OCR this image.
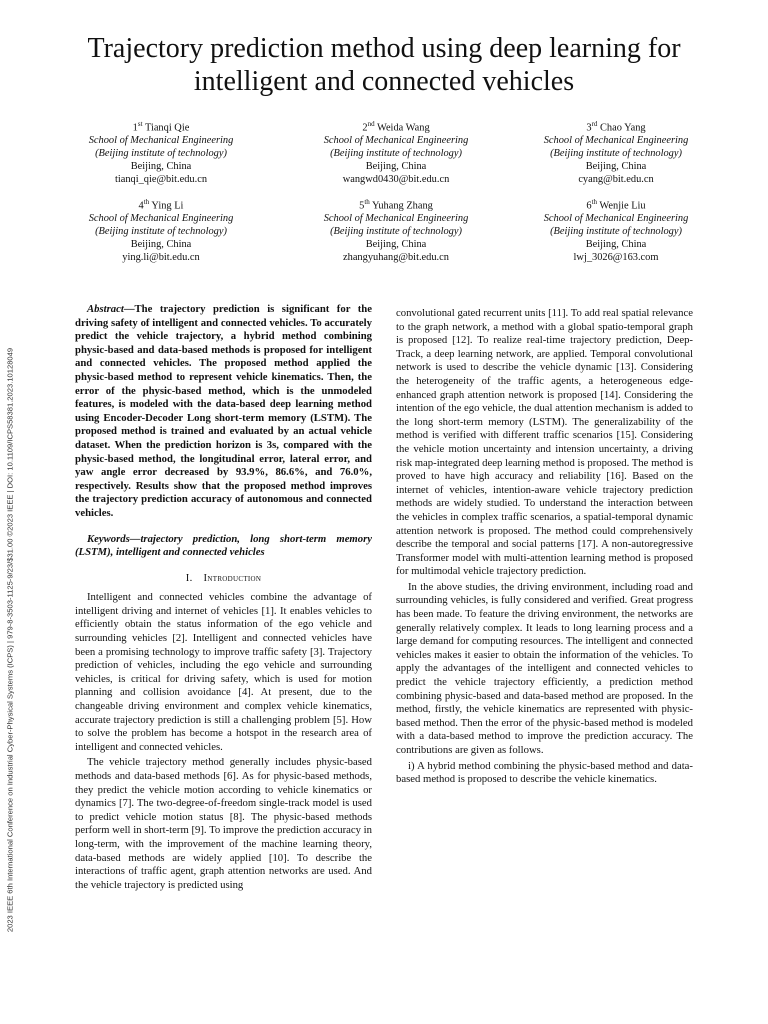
Trajectory prediction method using deep learning for intelligent and connected vehicles
1st Tianqi Qie
School of Mechanical Engineering
(Beijing institute of technology)
Beijing, China
tianqi_qie@bit.edu.cn
2nd Weida Wang
School of Mechanical Engineering
(Beijing institute of technology)
Beijing, China
wangwd0430@bit.edu.cn
3rd Chao Yang
School of Mechanical Engineering
(Beijing institute of technology)
Beijing, China
cyang@bit.edu.cn
4th Ying Li
School of Mechanical Engineering
(Beijing institute of technology)
Beijing, China
ying.li@bit.edu.cn
5th Yuhang Zhang
School of Mechanical Engineering
(Beijing institute of technology)
Beijing, China
zhangyuhang@bit.edu.cn
6th Wenjie Liu
School of Mechanical Engineering
(Beijing institute of technology)
Beijing, China
lwj_3026@163.com
2023 IEEE 6th International Conference on Industrial Cyber-Physical Systems (ICPS) | 979-8-3503-1125-9/23/$31.00 ©2023 IEEE | DOI: 10.1109/ICPS58381.2023.10128049

Abstract—The trajectory prediction is significant for the driving safety of intelligent and connected vehicles. To accurately predict the vehicle trajectory, a hybrid method combining physic-based and data-based methods is proposed for intelligent and connected vehicles. The proposed method applied the physic-based method to represent vehicle kinematics. Then, the error of the physic-based method, which is the unmodeled features, is modeled with the data-based deep learning method using Encoder-Decoder Long short-term memory (LSTM). The proposed method is trained and evaluated by an actual vehicle dataset. When the prediction horizon is 3s, compared with the physic-based method, the longitudinal error, lateral error, and yaw angle error decreased by 93.9%, 86.6%, and 76.0%, respectively. Results show that the proposed method improves the trajectory prediction accuracy of autonomous and connected vehicles.

Keywords—trajectory prediction, long short-term memory (LSTM), intelligent and connected vehicles

I. Introduction

Intelligent and connected vehicles combine the advantage of intelligent driving and internet of vehicles [1]. It enables vehicles to efficiently obtain the status information of the ego vehicle and surrounding vehicles [2]. Intelligent and connected vehicles have been a promising technology to improve traffic safety [3]. Trajectory prediction of vehicles, including the ego vehicle and surrounding vehicles, is critical for driving safety, which is used for motion planning and collision avoidance [4]. At present, due to the changeable driving environment and complex vehicle kinematics, accurate trajectory prediction is still a challenging problem [5]. How to solve the problem has become a hotspot in the research area of intelligent and connected vehicles.

The vehicle trajectory method generally includes physic-based methods and data-based methods [6]. As for physic-based methods, they predict the vehicle motion according to vehicle kinematics or dynamics [7]. The two-degree-of-freedom single-track model is used to predict vehicle motion status [8]. The physic-based methods perform well in short-term [9]. To improve the prediction accuracy in long-term, with the improvement of the machine learning theory, data-based methods are widely applied [10]. To describe the interactions of traffic agent, graph attention networks are used. And the vehicle trajectory is predicted using

convolutional gated recurrent units [11]. To add real spatial relevance to the graph network, a method with a global spatio-temporal graph is proposed [12]. To realize real-time trajectory prediction, Deep-Track, a deep learning network, are applied. Temporal convolutional network is used to describe the vehicle dynamic [13]. Considering the heterogeneity of the traffic agents, a heterogeneous edge-enhanced graph attention network is proposed [14]. Considering the intention of the ego vehicle, the dual attention mechanism is added to the long short-term memory (LSTM). The generalizability of the method is verified with different traffic scenarios [15]. Considering the vehicle motion uncertainty and intension uncertainty, a driving risk map-integrated deep learning method is proposed. The method is proved to have high accuracy and reliability [16]. Based on the internet of vehicles, intention-aware vehicle trajectory prediction methods are widely studied. To understand the interaction between the vehicles in complex traffic scenarios, a spatial-temporal dynamic attention network is proposed. The method could comprehensively describe the temporal and social patterns [17]. A non-autoregressive Transformer model with multi-attention learning method is proposed for multimodal vehicle trajectory prediction.

In the above studies, the driving environment, including road and surrounding vehicles, is fully considered and verified. Great progress has been made. To feature the driving environment, the networks are generally relatively complex. It leads to long learning process and a large demand for computing resources. The intelligent and connected vehicles makes it easier to obtain the information of the vehicles. To apply the advantages of the intelligent and connected vehicles to predict the vehicle trajectory efficiently, a prediction method combining physic-based and data-based method are proposed. In the method, firstly, the vehicle kinematics are represented with physic-based method. Then the error of the physic-based method is modeled with a data-based method to improve the prediction accuracy. The contributions are given as follows.

i) A hybrid method combining the physic-based method and data-based method is proposed to describe the vehicle kinematics.
